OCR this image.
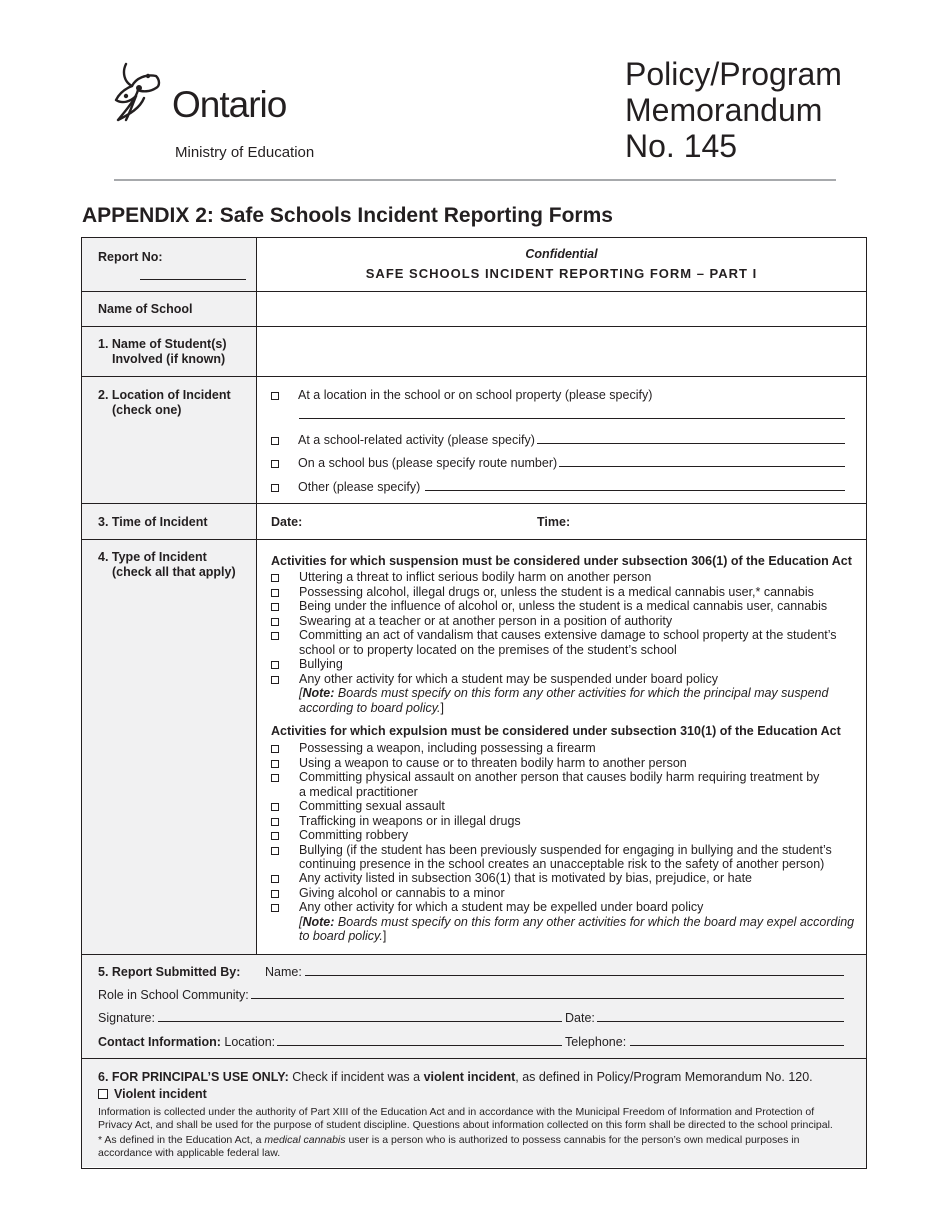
Ontario
Ministry of Education
Policy/Program
Memorandum
No. 145
APPENDIX 2: Safe Schools Incident Reporting Forms
Report No:	Confidential
SAFE SCHOOLS INCIDENT REPORTING FORM – PART I
Name of School
1. Name of Student(s)
Involved (if known)
2. Location of Incident
(check one)
At a location in the school or on school property (please specify)
At a school-related activity (please specify)
On a school bus (please specify route number)
Other (please specify)
3. Time of Incident	Date:	Time:
4. Type of Incident
(check all that apply)
Activities for which suspension must be considered under subsection 306(1) of the Education Act
Uttering a threat to inflict serious bodily harm on another person
Possessing alcohol, illegal drugs or, unless the student is a medical cannabis user,* cannabis
Being under the influence of alcohol or, unless the student is a medical cannabis user, cannabis
Swearing at a teacher or at another person in a position of authority
Committing an act of vandalism that causes extensive damage to school property at the student’s
school or to property located on the premises of the student’s school
Bullying
Any other activity for which a student may be suspended under board policy
[Note: Boards must specify on this form any other activities for which the principal may suspend
according to board policy.]
Activities for which expulsion must be considered under subsection 310(1) of the Education Act
Possessing a weapon, including possessing a firearm
Using a weapon to cause or to threaten bodily harm to another person
Committing physical assault on another person that causes bodily harm requiring treatment by
a medical practitioner
Committing sexual assault
Trafficking in weapons or in illegal drugs
Committing robbery
Bullying (if the student has been previously suspended for engaging in bullying and the student’s
continuing presence in the school creates an unacceptable risk to the safety of another person)
Any activity listed in subsection 306(1) that is motivated by bias, prejudice, or hate
Giving alcohol or cannabis to a minor
Any other activity for which a student may be expelled under board policy
[Note: Boards must specify on this form any other activities for which the board may expel according
to board policy.]
5. Report Submitted By: Name:
Role in School Community:
Signature:	Date:
Contact Information: Location:	Telephone:
6. FOR PRINCIPAL’S USE ONLY: Check if incident was a violent incident, as defined in Policy/Program Memorandum No. 120.
Violent incident
Information is collected under the authority of Part XIII of the Education Act and in accordance with the Municipal Freedom of Information and Protection of
Privacy Act, and shall be used for the purpose of student discipline. Questions about information collected on this form shall be directed to the school principal.
* As defined in the Education Act, a medical cannabis user is a person who is authorized to possess cannabis for the person’s own medical purposes in
accordance with applicable federal law.
